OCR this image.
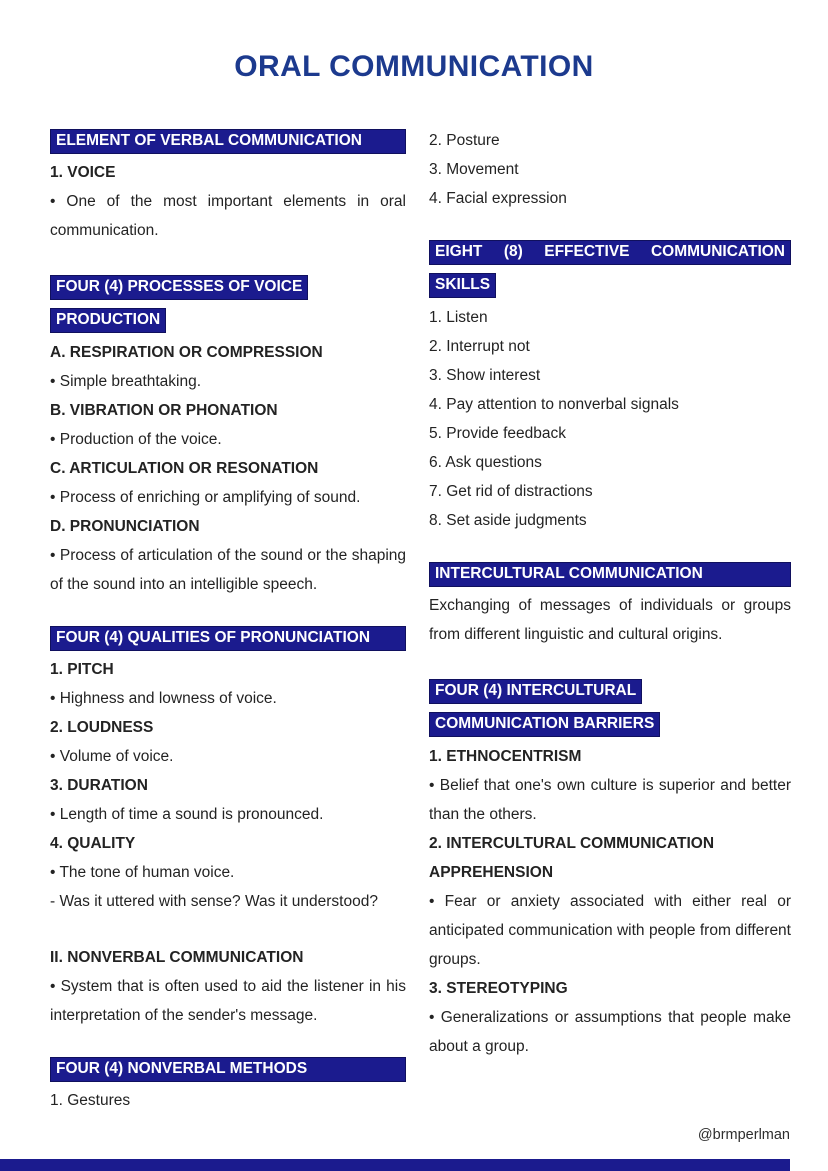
ORAL COMMUNICATION
ELEMENT OF VERBAL COMMUNICATION
1. VOICE
• One of the most important elements in oral communication.
FOUR (4) PROCESSES OF VOICE
PRODUCTION
A. RESPIRATION OR COMPRESSION
• Simple breathtaking.
B. VIBRATION OR PHONATION
• Production of the voice.
C. ARTICULATION OR RESONATION
• Process of enriching or amplifying of sound.
D. PRONUNCIATION
• Process of articulation of the sound or the shaping of the sound into an intelligible speech.
FOUR (4) QUALITIES OF PRONUNCIATION
1. PITCH
• Highness and lowness of voice.
2. LOUDNESS
• Volume of voice.
3. DURATION
• Length of time a sound is pronounced.
4. QUALITY
• The tone of human voice.
- Was it uttered with sense? Was it understood?
II. NONVERBAL COMMUNICATION
• System that is often used to aid the listener in his interpretation of the sender's message.
FOUR (4) NONVERBAL METHODS
1. Gestures
2. Posture
3. Movement
4. Facial expression
EIGHT (8) EFFECTIVE COMMUNICATION
SKILLS
1. Listen
2. Interrupt not
3. Show interest
4. Pay attention to nonverbal signals
5. Provide feedback
6. Ask questions
7. Get rid of distractions
8. Set aside judgments
INTERCULTURAL COMMUNICATION
Exchanging of messages of individuals or groups from different linguistic and cultural origins.
FOUR (4) INTERCULTURAL
COMMUNICATION BARRIERS
1. ETHNOCENTRISM
• Belief that one's own culture is superior and better than the others.
2. INTERCULTURAL COMMUNICATION APPREHENSION
• Fear or anxiety associated with either real or anticipated communication with people from different groups.
3. STEREOTYPING
• Generalizations or assumptions that people make about a group.
@brmperlman
